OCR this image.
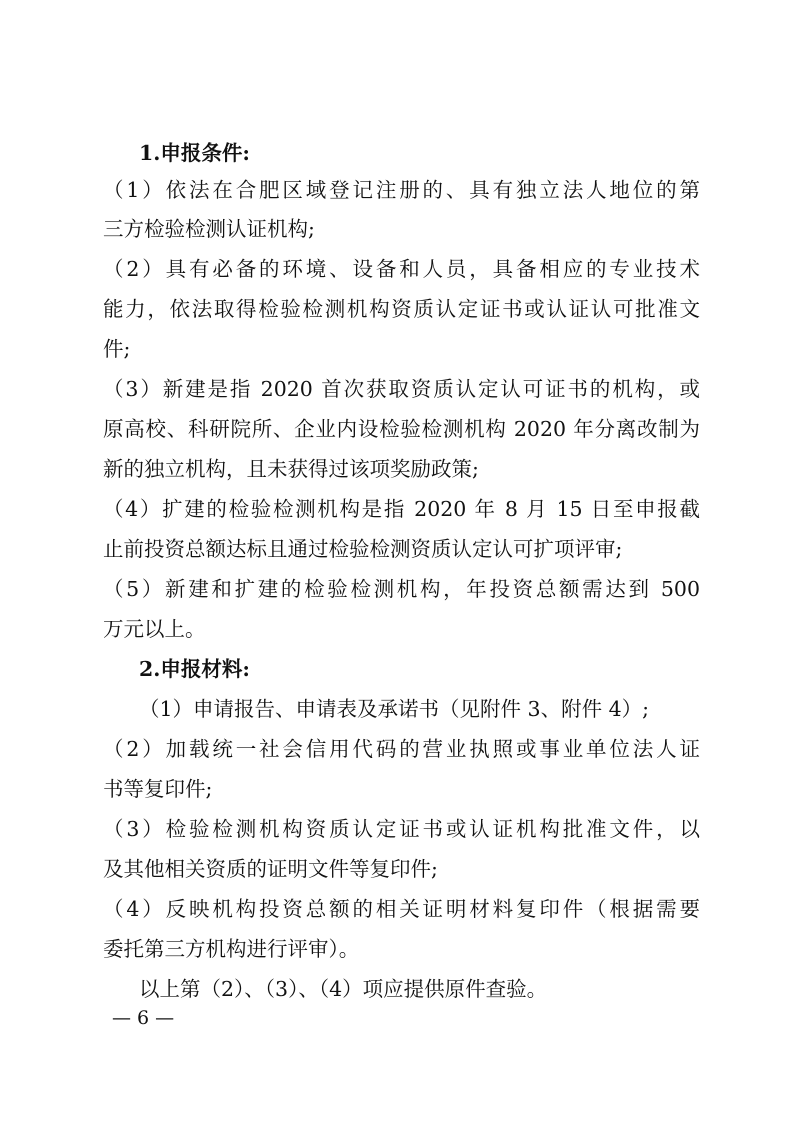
1.申报条件:
（1）依法在合肥区域登记注册的、具有独立法人地位的第
三方检验检测认证机构;
（2）具有必备的环境、设备和人员，具备相应的专业技术
能力，依法取得检验检测机构资质认定证书或认证认可批准文
件;
（3）新建是指 2020 首次获取资质认定认可证书的机构，或
原高校、科研院所、企业内设检验检测机构 2020 年分离改制为
新的独立机构，且未获得过该项奖励政策;
（4）扩建的检验检测机构是指 2020 年 8 月 15 日至申报截
止前投资总额达标且通过检验检测资质认定认可扩项评审;
（5）新建和扩建的检验检测机构，年投资总额需达到 500
万元以上。
2.申报材料:
（1）申请报告、申请表及承诺书（见附件 3、附件 4）;
（2）加载统一社会信用代码的营业执照或事业单位法人证
书等复印件;
（3）检验检测机构资质认定证书或认证机构批准文件，以
及其他相关资质的证明文件等复印件;
（4）反映机构投资总额的相关证明材料复印件（根据需要
委托第三方机构进行评审）。
以上第（2）、（3）、（4）项应提供原件查验。
— 6 —
